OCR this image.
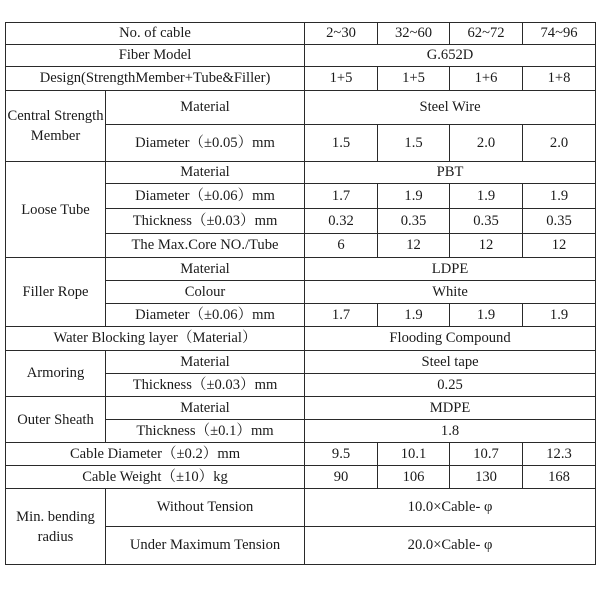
No. of cable		2~30	32~60	62~72	74~96
Fiber Model		G.652D			
Design(StrengthMember+Tube&Filler)		1+5	1+5	1+6	1+8
Central Strength Member	Material	Steel Wire			
	Diameter（±0.05）mm	1.5	1.5	2.0	2.0
Loose Tube	Material	PBT			
	Diameter（±0.06）mm	1.7	1.9	1.9	1.9
	Thickness（±0.03）mm	0.32	0.35	0.35	0.35
	The Max.Core NO./Tube	6	12	12	12
Filler Rope	Material	LDPE			
	Colour	White			
	Diameter（±0.06）mm	1.7	1.9	1.9	1.9
Water Blocking layer（Material）		Flooding Compound			
Armoring	Material	Steel tape			
	Thickness（±0.03）mm	0.25			
Outer Sheath	Material	MDPE			
	Thickness（±0.1）mm	1.8			
Cable Diameter（±0.2）mm		9.5	10.1	10.7	12.3
Cable Weight（±10）kg		90	106	130	168
Min. bending radius	Without Tension	10.0×Cable- φ			
	Under Maximum Tension	20.0×Cable- φ			
